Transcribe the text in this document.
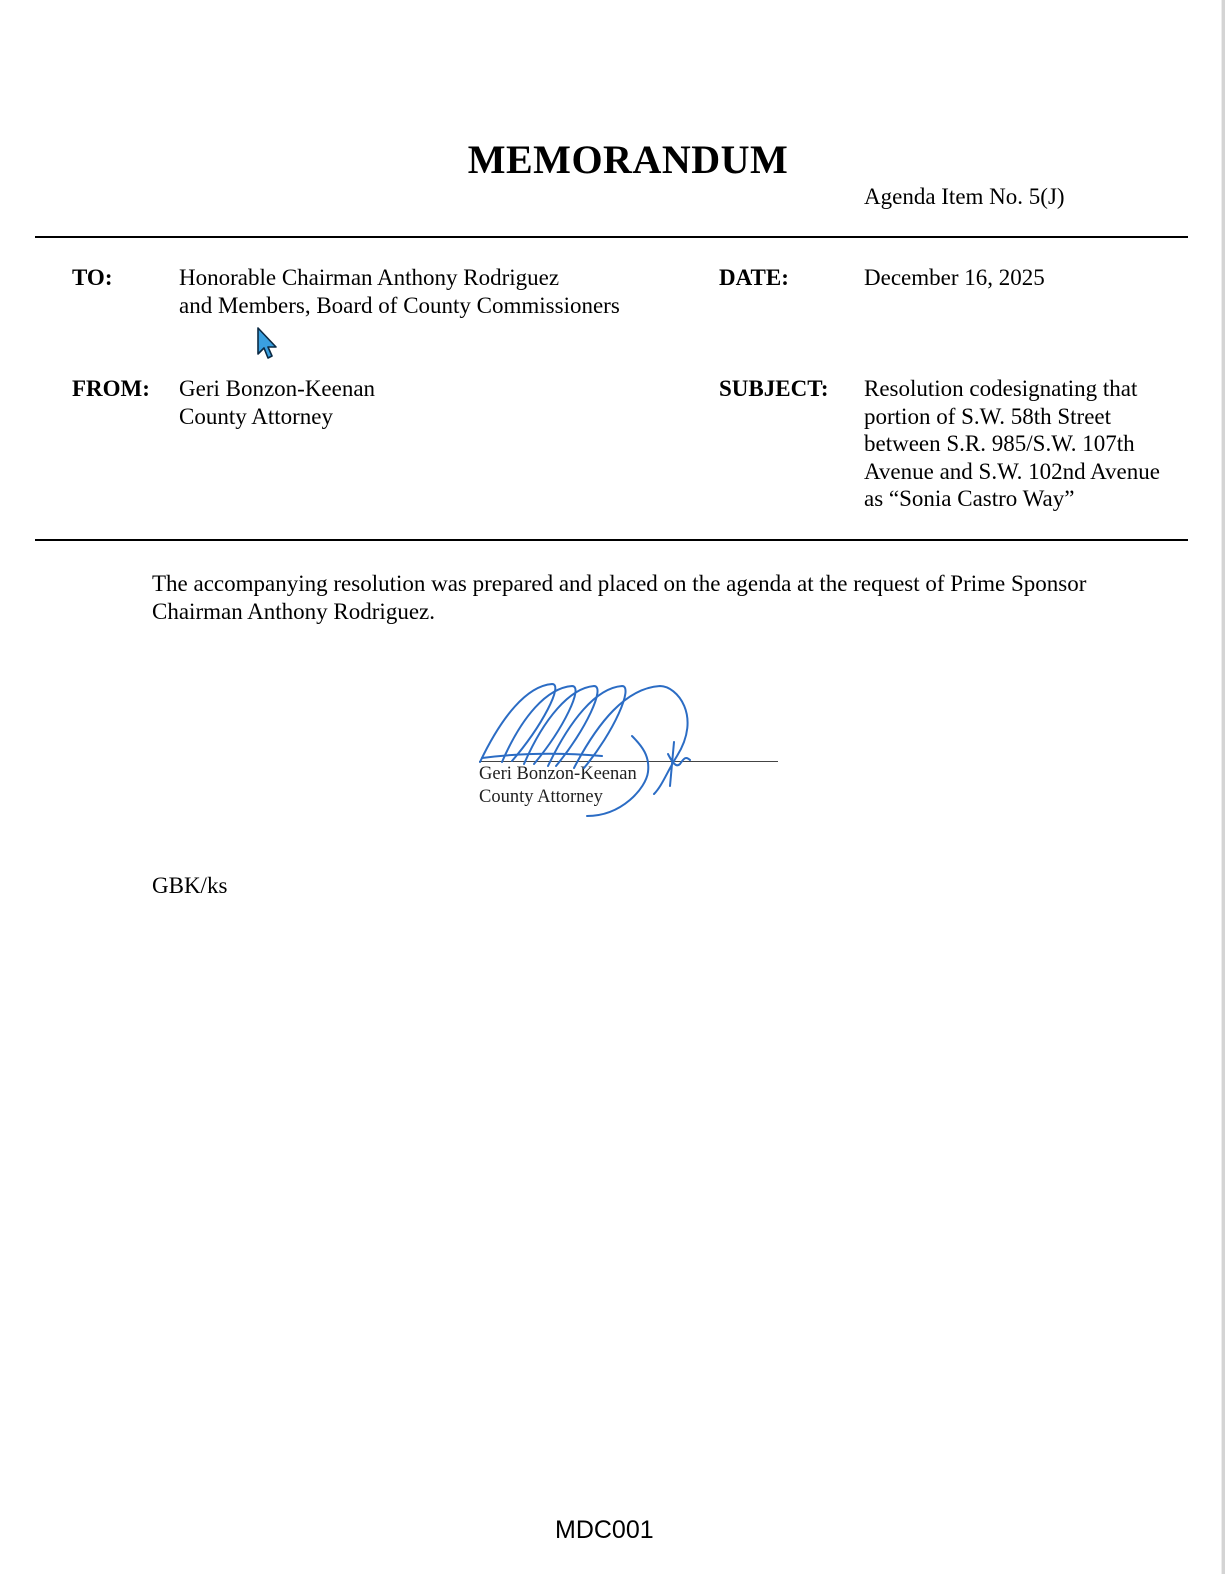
MEMORANDUM
Agenda Item No. 5(J)
TO:	Honorable Chairman Anthony Rodriguez
and Members, Board of County Commissioners
DATE:	December 16, 2025
FROM: Geri Bonzon-Keenan
County Attorney
SUBJECT: Resolution codesignating that
portion of S.W. 58th Street
between S.R. 985/S.W. 107th
Avenue and S.W. 102nd Avenue
as “Sonia Castro Way”
The accompanying resolution was prepared and placed on the agenda at the request of Prime Sponsor
Chairman Anthony Rodriguez.
Geri Bonzon-Keenan
County Attorney
GBK/ks
MDC001
